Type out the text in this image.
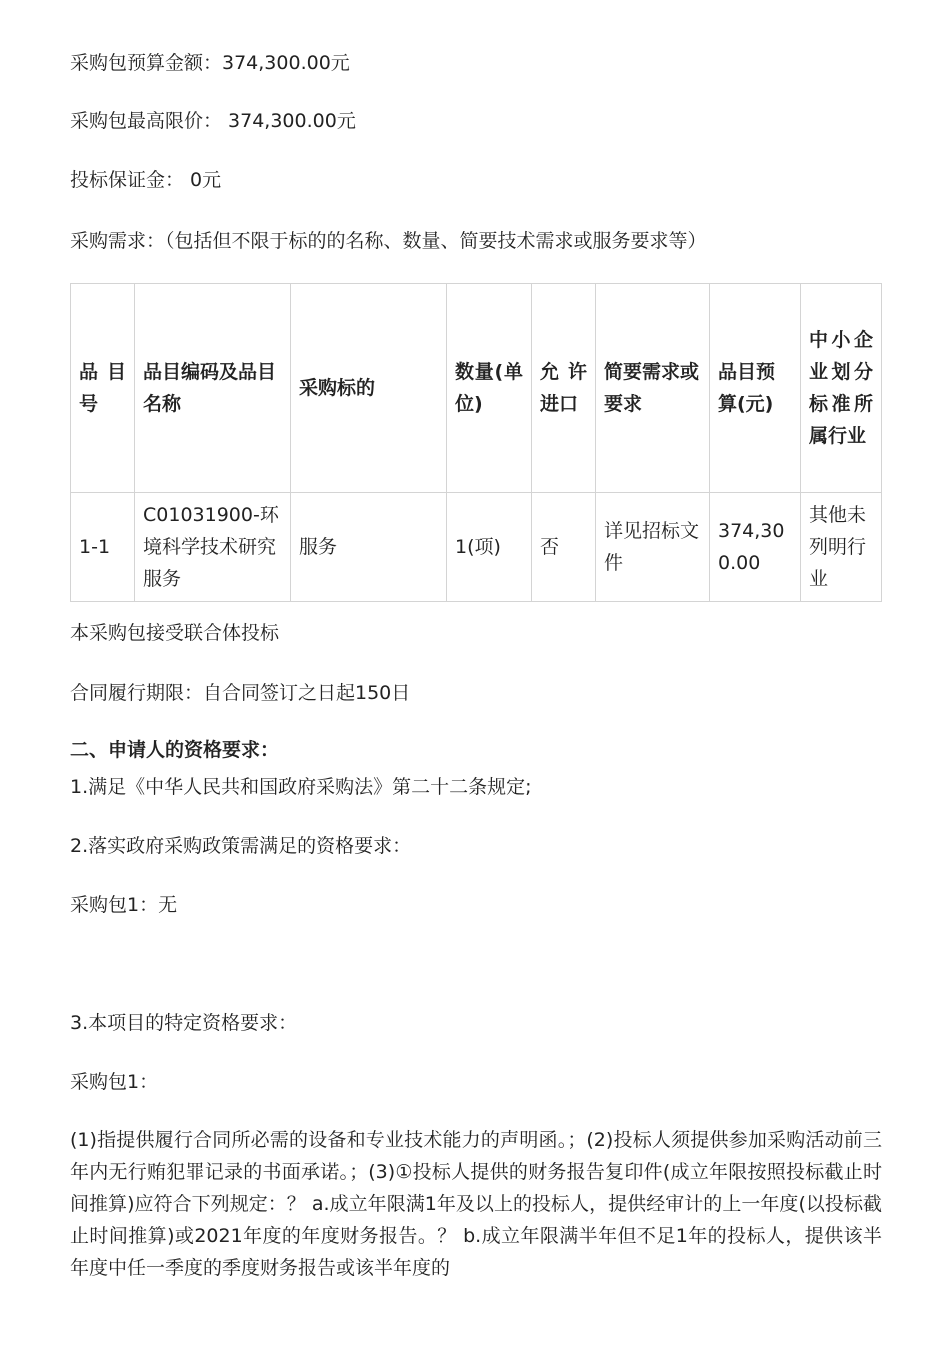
采购包预算金额：374,300.00元
采购包最高限价： 374,300.00元
投标保证金： 0元
采购需求：（包括但不限于标的的名称、数量、简要技术需求或服务要求等）
品目号	品目编码及品目名称	采购标的	数量(单位)	允许进口	简要需求或要求	品目预算(元)	中小企业划分标准所属行业
1-1	C01031900-环境科学技术研究服务	服务	1(项)	否	详见招标文件	374,300.00	其他未列明行业
本采购包接受联合体投标
合同履行期限：自合同签订之日起150日
二、申请人的资格要求：
1.满足《中华人民共和国政府采购法》第二十二条规定;
2.落实政府采购政策需满足的资格要求：
采购包1：无
3.本项目的特定资格要求：
采购包1：
(1)指提供履行合同所必需的设备和专业技术能力的声明函。；(2)投标人须提供参加采购活动前三年内无行贿犯罪记录的书面承诺。；(3)①投标人提供的财务报告复印件(成立年限按照投标截止时间推算)应符合下列规定：？ a.成立年限满1年及以上的投标人，提供经审计的上一年度(以投标截止时间推算)或2021年度的年度财务报告。？ b.成立年限满半年但不足1年的投标人，提供该半年度中任一季度的季度财务报告或该半年度的
